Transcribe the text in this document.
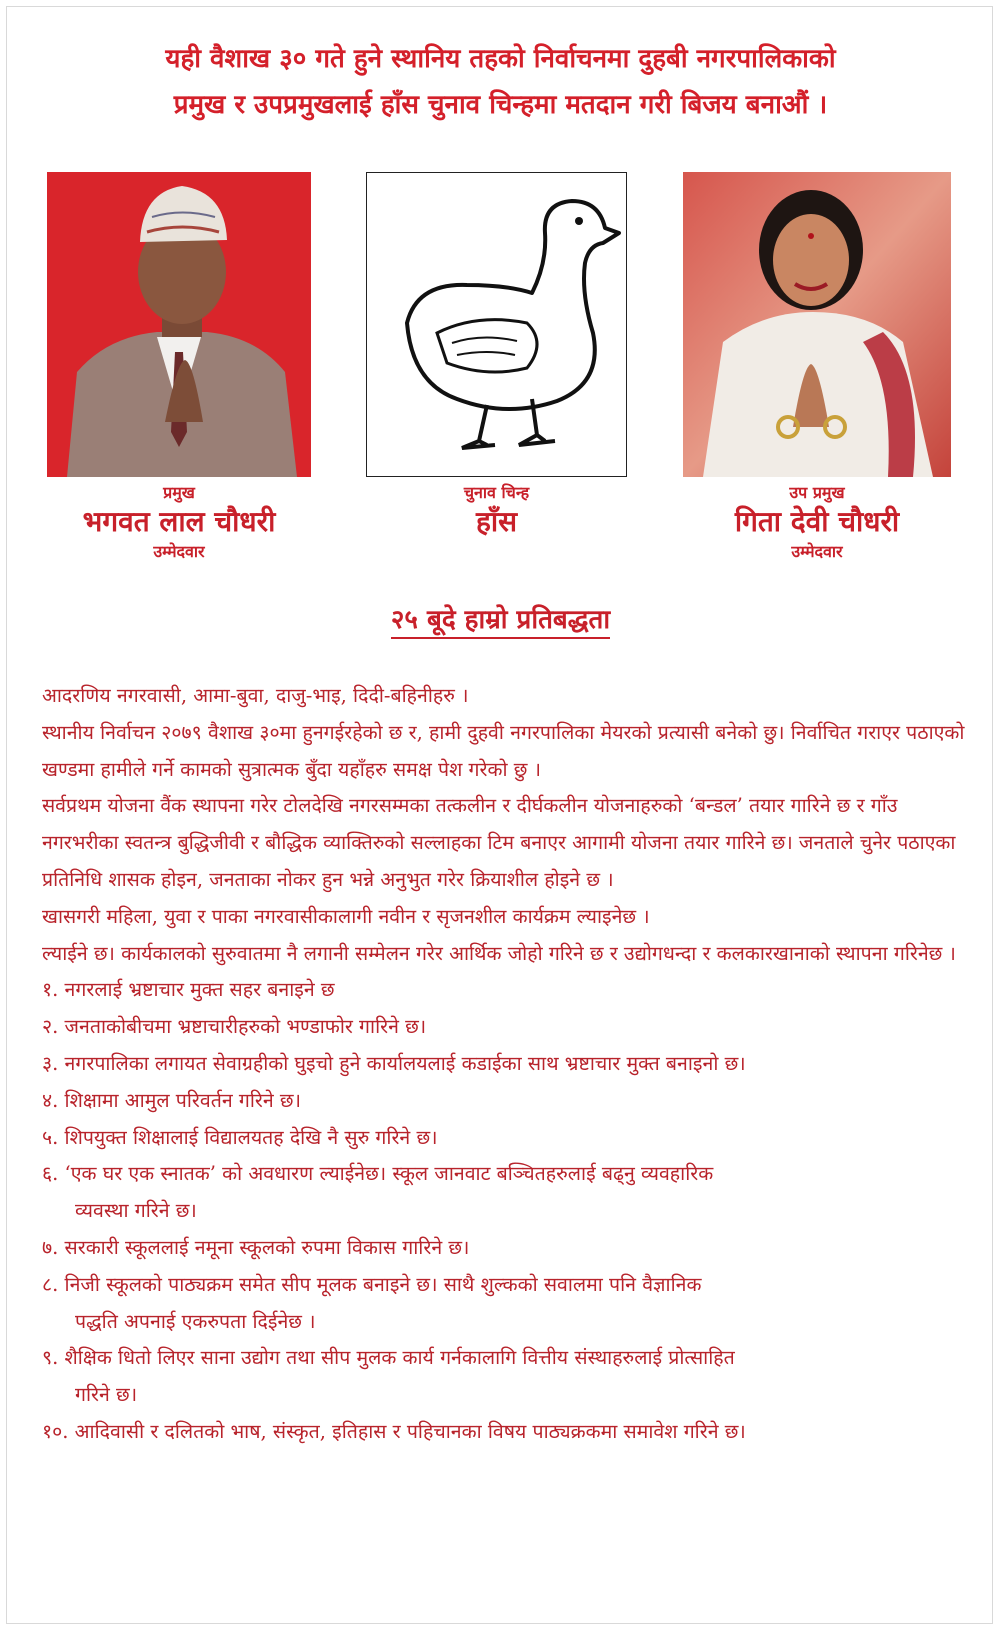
यही वैशाख ३० गते हुने स्थानिय तहको निर्वाचनमा दुहबी नगरपालिकाको
प्रमुख र उपप्रमुखलाई हाँस चुनाव चिन्हमा मतदान गरी बिजय बनाऔं ।
प्रमुख
भगवत लाल चौधरी
उम्मेदवार
चुनाव चिन्ह
हाँस
उप प्रमुख
गिता देवी चौधरी
उम्मेदवार
२५ बूदे हाम्रो प्रतिबद्धता

आदरणिय नगरवासी, आमा-बुवा, दाजु-भाइ, दिदी-बहिनीहरु ।

स्थानीय निर्वाचन २०७९ वैशाख ३०मा हुनगईरहेको छ र, हामी दुहवी नगरपालिका मेयरको प्रत्यासी बनेको छु। निर्वाचित गराएर पठाएको खण्डमा हामीले गर्ने कामको सुत्रात्मक बुँदा यहाँहरु समक्ष पेश गरेको छु ।

सर्वप्रथम योजना वैंक स्थापना गरेर टोलदेखि नगरसम्मका तत्कलीन र दीर्घकलीन योजनाहरुको ‘बन्डल’ तयार गारिने छ र गाँउ नगरभरीका स्वतन्त्र बुद्धिजीवी र बौद्धिक व्याक्तिरुको सल्लाहका टिम बनाएर आगामी योजना तयार गारिने छ। जनताले चुनेर पठाएका प्रतिनिधि शासक होइन, जनताका नोकर हुन भन्ने अनुभुत गरेर क्रियाशील होइने छ ।

खासगरी महिला, युवा र पाका नगरवासीकालागी नवीन र सृजनशील कार्यक्रम ल्याइनेछ ।

ल्याईने छ। कार्यकालको सुरुवातमा नै लगानी सम्मेलन गरेर आर्थिक जोहो गरिने छ र उद्योगधन्दा र कलकारखानाको स्थापना गरिनेछ ।

१. नगरलाई भ्रष्टाचार मुक्त सहर बनाइने छ

२. जनताकोबीचमा भ्रष्टाचारीहरुको भण्डाफोर गारिने छ।

३. नगरपालिका लगायत सेवाग्रहीको घुइचो हुने कार्यालयलाई कडाईका साथ भ्रष्टाचार मुक्त बनाइनो छ।

४. शिक्षामा आमुल परिवर्तन गरिने छ।

५. शिपयुक्त शिक्षालाई विद्यालयतह देखि नै सुरु गरिने छ।

६. ‘एक घर एक स्नातक’ को अवधारण ल्याईनेछ। स्कूल जानवाट बञ्चितहरुलाई बढ्नु व्यवहारिक
व्यवस्था गरिने छ।

७. सरकारी स्कूललाई नमूना स्कूलको रुपमा विकास गारिने छ।

८. निजी स्कूलको पाठ्यक्रम समेत सीप मूलक बनाइने छ। साथै शुल्कको सवालमा पनि वैज्ञानिक
पद्धति अपनाई एकरुपता दिईनेछ ।

९. शैक्षिक धितो लिएर साना उद्योग तथा सीप मुलक कार्य गर्नकालागि वित्तीय संस्थाहरुलाई प्रोत्साहित
गरिने छ।

१०. आदिवासी र दलितको भाष, संस्कृत, इतिहास र पहिचानका विषय पाठ्यक्रकमा समावेश गरिने छ।
